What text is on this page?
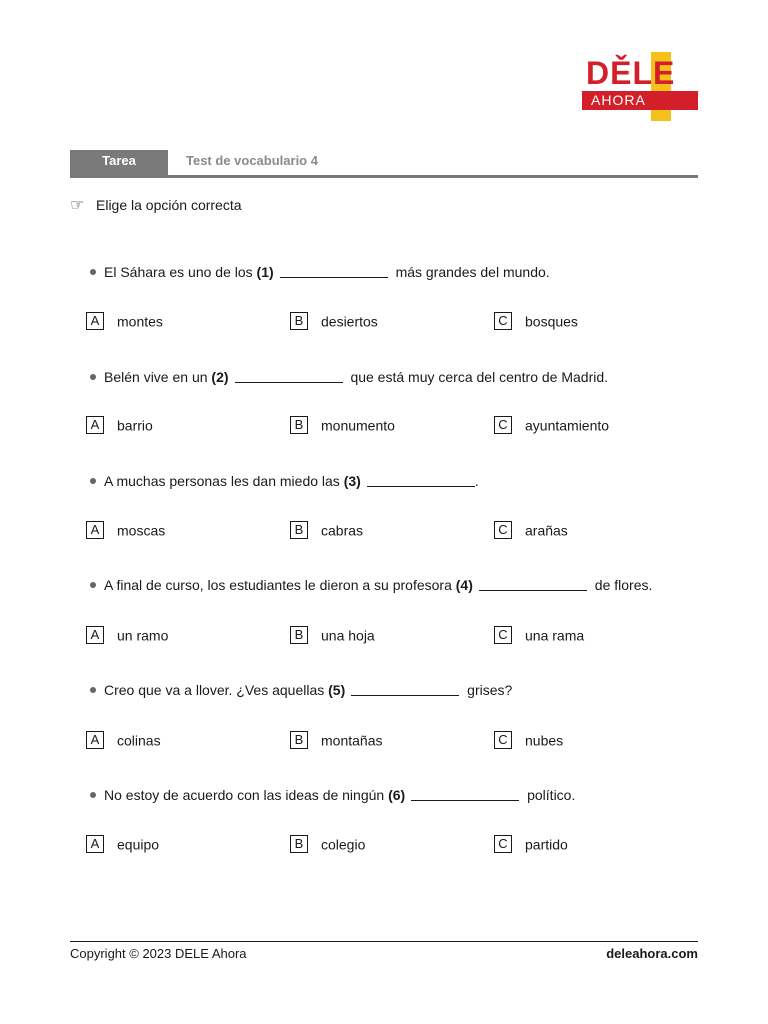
DĚLE
AHORA
Tarea	Test de vocabulario 4
☞ Elige la opción correcta
El Sáhara es uno de los (1)	más grandes del mundo.
A montes	B desiertos	C bosques
Belén vive en un (2)	que está muy cerca del centro de Madrid.
A barrio	B monumento	C ayuntamiento
A muchas personas les dan miedo las (3)	.
A moscas	B cabras	C arañas
A final de curso, los estudiantes le dieron a su profesora (4)	de flores.
A un ramo	B una hoja	C una rama
Creo que va a llover. ¿Ves aquellas (5)	grises?
A colinas	B montañas	C nubes
No estoy de acuerdo con las ideas de ningún (6)	político.
A equipo	B colegio	C partido
Copyright © 2023 DELE Ahora	deleahora.com
